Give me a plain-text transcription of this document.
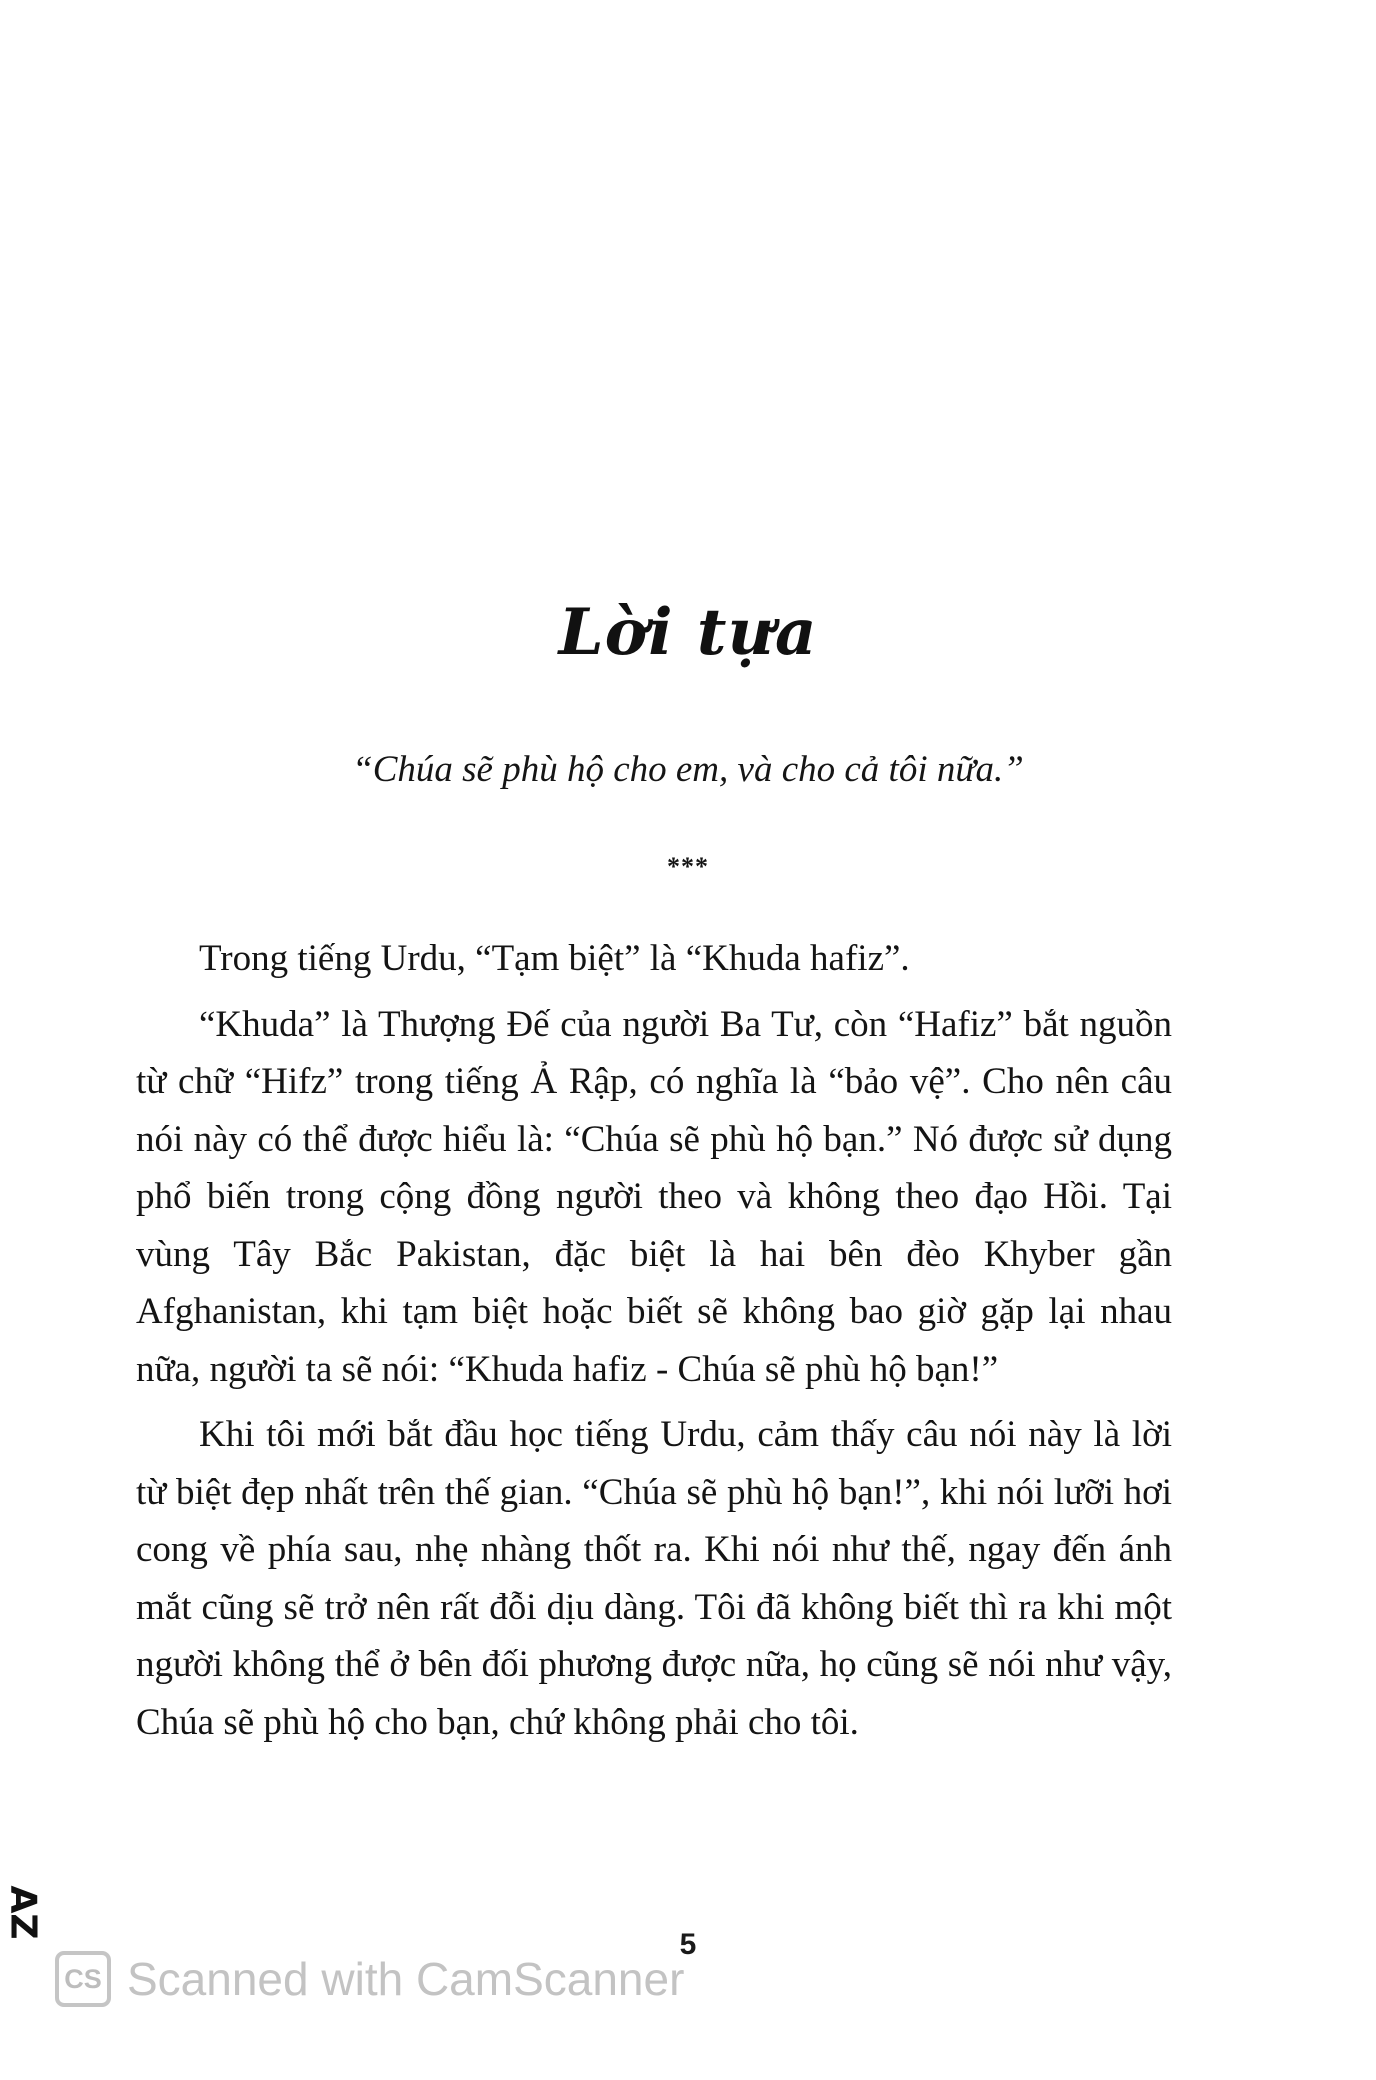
Lời tựa
“Chúa sẽ phù hộ cho em, và cho cả tôi nữa.”
***

Trong tiếng Urdu, “Tạm biệt” là “Khuda hafiz”.

“Khuda” là Thượng Đế của người Ba Tư, còn “Hafiz” bắt nguồn từ chữ “Hifz” trong tiếng Ả Rập, có nghĩa là “bảo vệ”. Cho nên câu nói này có thể được hiểu là: “Chúa sẽ phù hộ bạn.” Nó được sử dụng phổ biến trong cộng đồng người theo và không theo đạo Hồi. Tại vùng Tây Bắc Pakistan, đặc biệt là hai bên đèo Khyber gần Afghanistan, khi tạm biệt hoặc biết sẽ không bao giờ gặp lại nhau nữa, người ta sẽ nói: “Khuda hafiz - Chúa sẽ phù hộ bạn!”

Khi tôi mới bắt đầu học tiếng Urdu, cảm thấy câu nói này là lời từ biệt đẹp nhất trên thế gian. “Chúa sẽ phù hộ bạn!”, khi nói lưỡi hơi cong về phía sau, nhẹ nhàng thốt ra. Khi nói như thế, ngay đến ánh mắt cũng sẽ trở nên rất đỗi dịu dàng. Tôi đã không biết thì ra khi một người không thể ở bên đối phương được nữa, họ cũng sẽ nói như vậy, Chúa sẽ phù hộ cho bạn, chứ không phải cho tôi.

AZ
5
CS Scanned with CamScanner
